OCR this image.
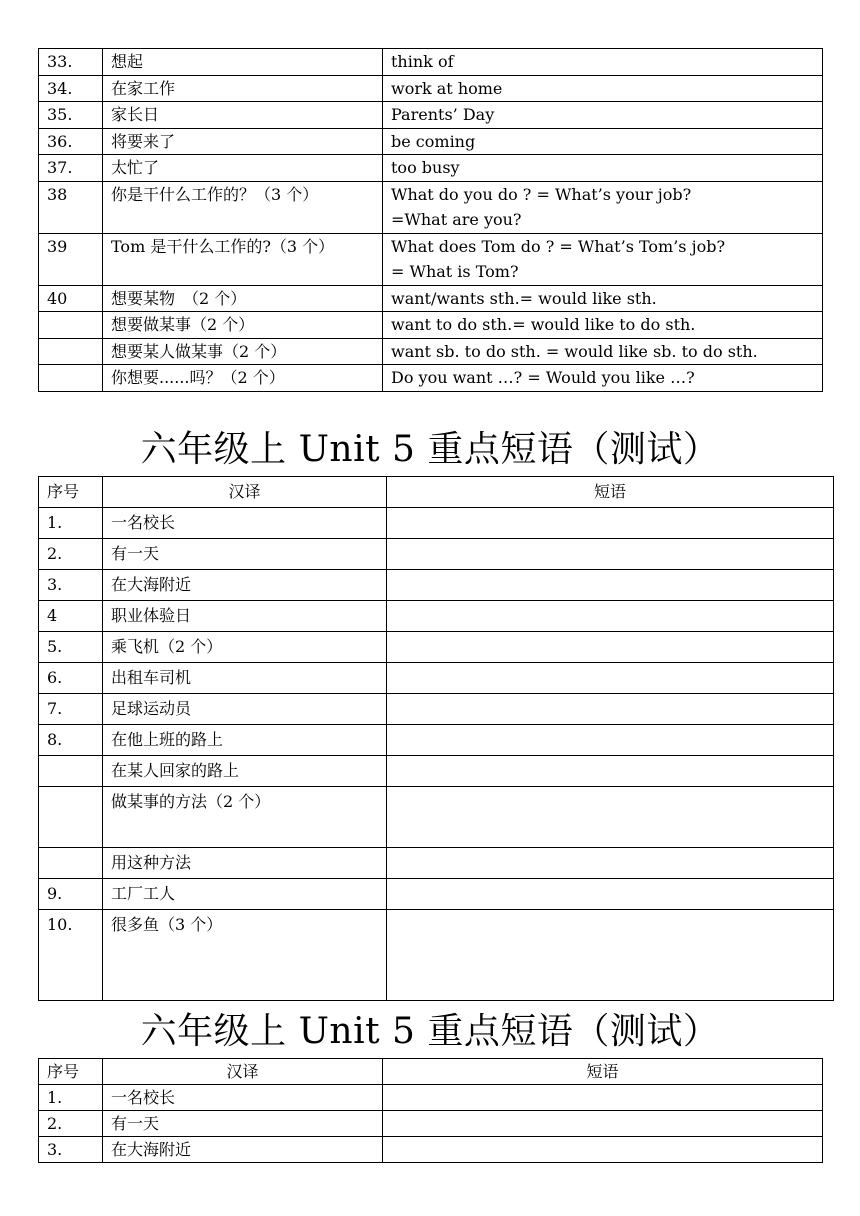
33.	想起	think of

34.	在家工作	work at home

35.	家长日	Parents’ Day

36.	将要来了	be coming

37.	太忙了	too busy

38	你是干什么工作的？（3 个）	What do you do ? = What’s your job?
=What are you?

39	Tom 是干什么工作的?（3 个）	What does Tom do ? = What’s Tom’s job?
= What is Tom?

40	想要某物　（2 个）	want/wants sth.= would like sth.

	想要做某事（2 个）	want to do sth.= would like to do sth.

	想要某人做某事（2 个）	want sb. to do sth. = would like sb. to do sth.

	你想要......吗？（2 个）	Do you want …? = Would you like …?
六年级上 Unit 5 重点短语（测试）
序号	汉译	短语
1.	一名校长	
2.	有一天	
3.	在大海附近	
4	职业体验日	
5.	乘飞机（2 个）	
6.	出租车司机	
7.	足球运动员	
8.	在他上班的路上	
	在某人回家的路上	
	做某事的方法（2 个）	
	用这种方法	
9.	工厂工人	
10.	很多鱼（3 个）	
六年级上 Unit 5 重点短语（测试）
序号	汉译	短语
1.	一名校长	
2.	有一天	
3.	在大海附近	
